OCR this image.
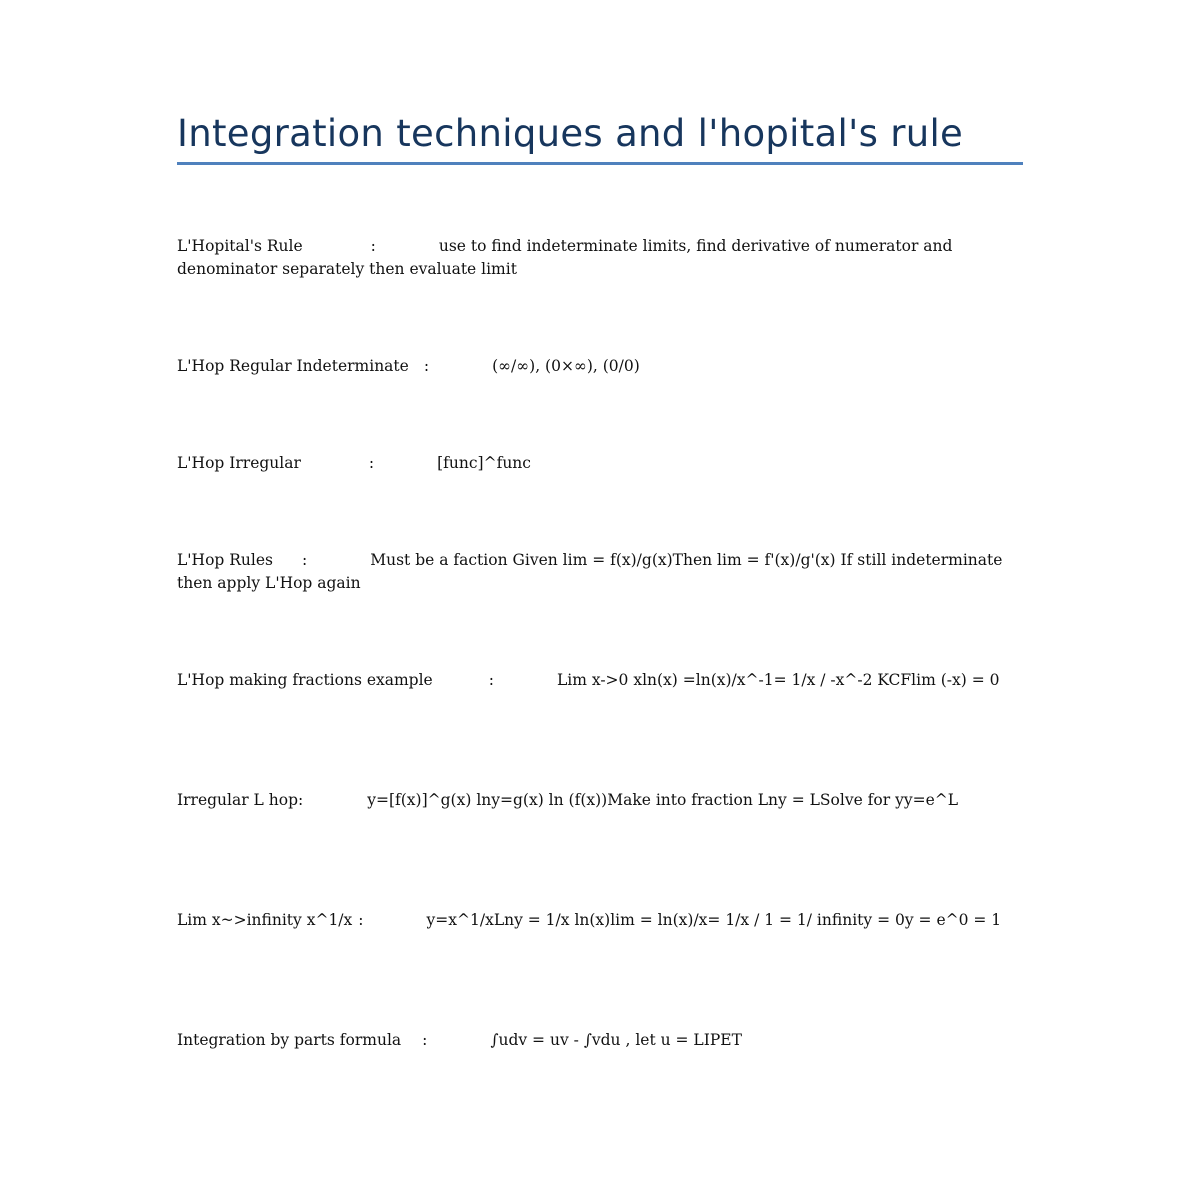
Integration techniques and l'hopital's rule
L'Hopital's Rule	:	use to find indeterminate limits, find derivative of numerator and denominator separately then evaluate limit
L'Hop Regular Indeterminate :	(∞/∞), (0×∞), (0/0)
L'Hop Irregular	:	[func]^func
L'Hop Rules :	Must be a faction Given lim = f(x)/g(x)Then lim = f'(x)/g'(x) If still indeterminate then apply L'Hop again
L'Hop making fractions example	:	Lim x->0 xln(x) =ln(x)/x^-1= 1/x / -x^-2 KCFlim (-x) = 0
Irregular L hop:	y=[f(x)]^g(x) lny=g(x) ln (f(x))Make into fraction Lny = LSolve for yy=e^L
Lim x~>infinity x^1/x :	y=x^1/xLny = 1/x ln(x)lim = ln(x)/x= 1/x / 1 = 1/ infinity = 0y = e^0 = 1
Integration by parts formula :	∫udv = uv - ∫vdu , let u = LIPET
